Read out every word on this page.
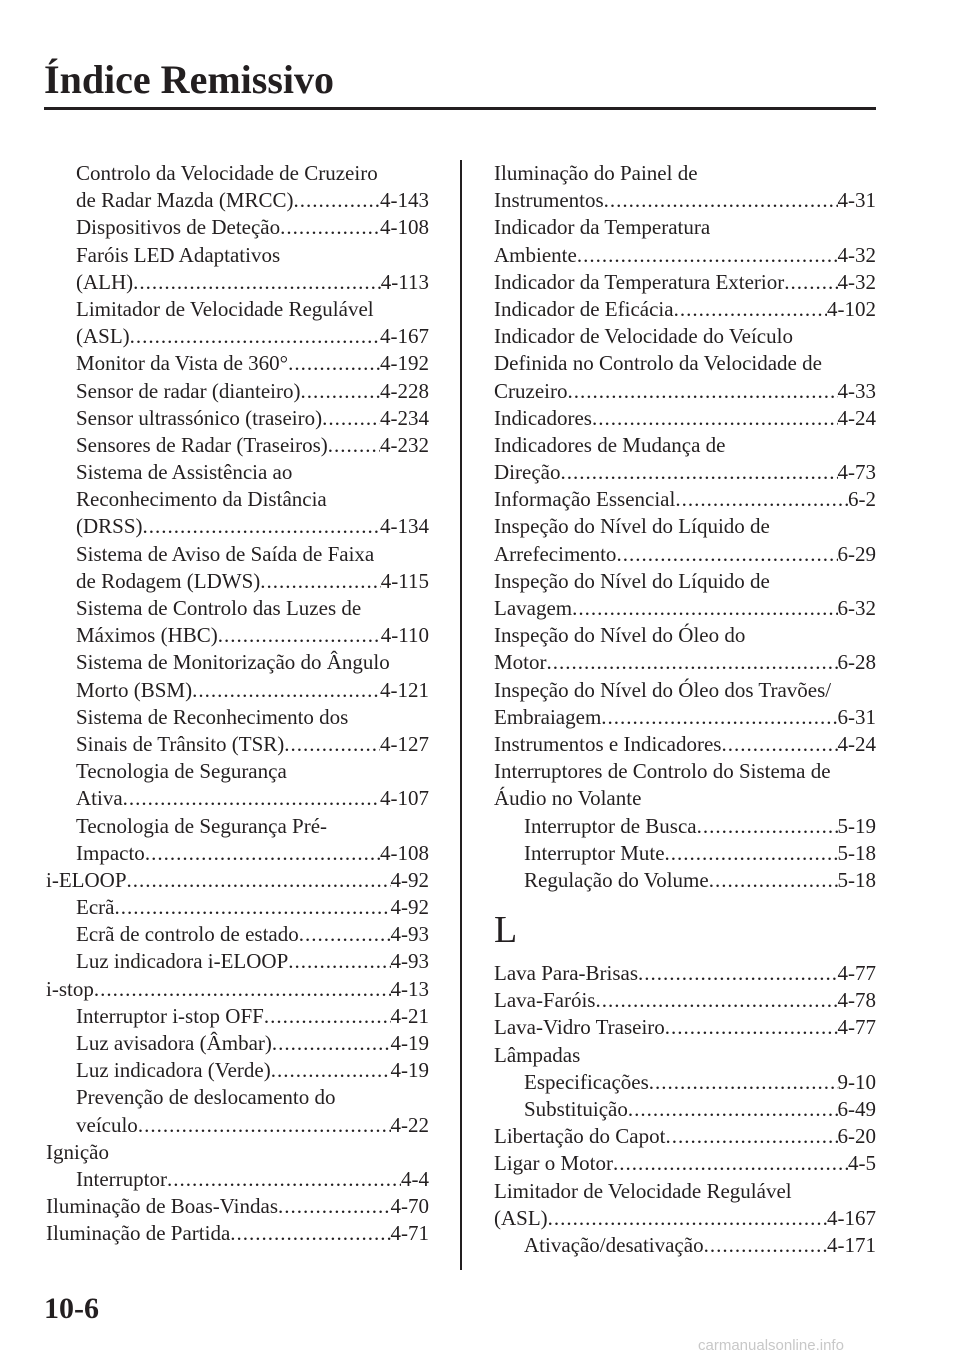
Índice Remissivo
Controlo da Velocidade de Cruzeiro
de Radar Mazda (MRCC) .....	4-143
Dispositivos de Deteção .....	4-108
Faróis LED Adaptativos
(ALH) .....	4-113
Limitador de Velocidade Regulável
(ASL) .....	4-167
Monitor da Vista de 360° .....	4-192
Sensor de radar (dianteiro) .....	4-228
Sensor ultrassónico (traseiro) .....	4-234
Sensores de Radar (Traseiros) ..... 4-232
Sistema de Assistência ao
Reconhecimento da Distância
(DRSS) .....	4-134
Sistema de Aviso de Saída de Faixa
de Rodagem (LDWS) .....	4-115
Sistema de Controlo das Luzes de
Máximos (HBC) .....	4-110
Sistema de Monitorização do Ângulo
Morto (BSM) .....	4-121
Sistema de Reconhecimento dos
Sinais de Trânsito (TSR) .....	4-127
Tecnologia de Segurança
Ativa .....	4-107
Tecnologia de Segurança Pré-
Impacto .....	4-108
i-ELOOP .....	4-92
Ecrã .....	4-92
Ecrã de controlo de estado .....	4-93
Luz indicadora i-ELOOP .....	4-93
i-stop .....	4-13
Interruptor i-stop OFF .....	4-21
Luz avisadora (Âmbar) .....	4-19
Luz indicadora (Verde) .....	4-19
Prevenção de deslocamento do
veículo .....	4-22
Ignição
Interruptor .....	4-4
Iluminação de Boas-Vindas .....	4-70
Iluminação de Partida .....	4-71
Iluminação do Painel de
Instrumentos .....	4-31
Indicador da Temperatura
Ambiente .....	4-32
Indicador da Temperatura Exterior .....	4-32
Indicador de Eficácia .....	4-102
Indicador de Velocidade do Veículo
Definida no Controlo da Velocidade de
Cruzeiro .....	4-33
Indicadores .....	4-24
Indicadores de Mudança de
Direção .....	4-73
Informação Essencial .....	6-2
Inspeção do Nível do Líquido de
Arrefecimento .....	6-29
Inspeção do Nível do Líquido de
Lavagem .....	6-32
Inspeção do Nível do Óleo do
Motor .....	6-28
Inspeção do Nível do Óleo dos Travões/
Embraiagem .....	6-31
Instrumentos e Indicadores .....	4-24
Interruptores de Controlo do Sistema de
Áudio no Volante
Interruptor de Busca .....	5-19
Interruptor Mute .....	5-18
Regulação do Volume .....	5-18
L
Lava Para-Brisas .....	4-77
Lava-Faróis .....	4-78
Lava-Vidro Traseiro .....	4-77
Lâmpadas
Especificações .....	9-10
Substituição .....	6-49
Libertação do Capot .....	6-20
Ligar o Motor .....	4-5
Limitador de Velocidade Regulável
(ASL) .....	4-167
Ativação/desativação .....	4-171
10-6
carmanualsonline.info
